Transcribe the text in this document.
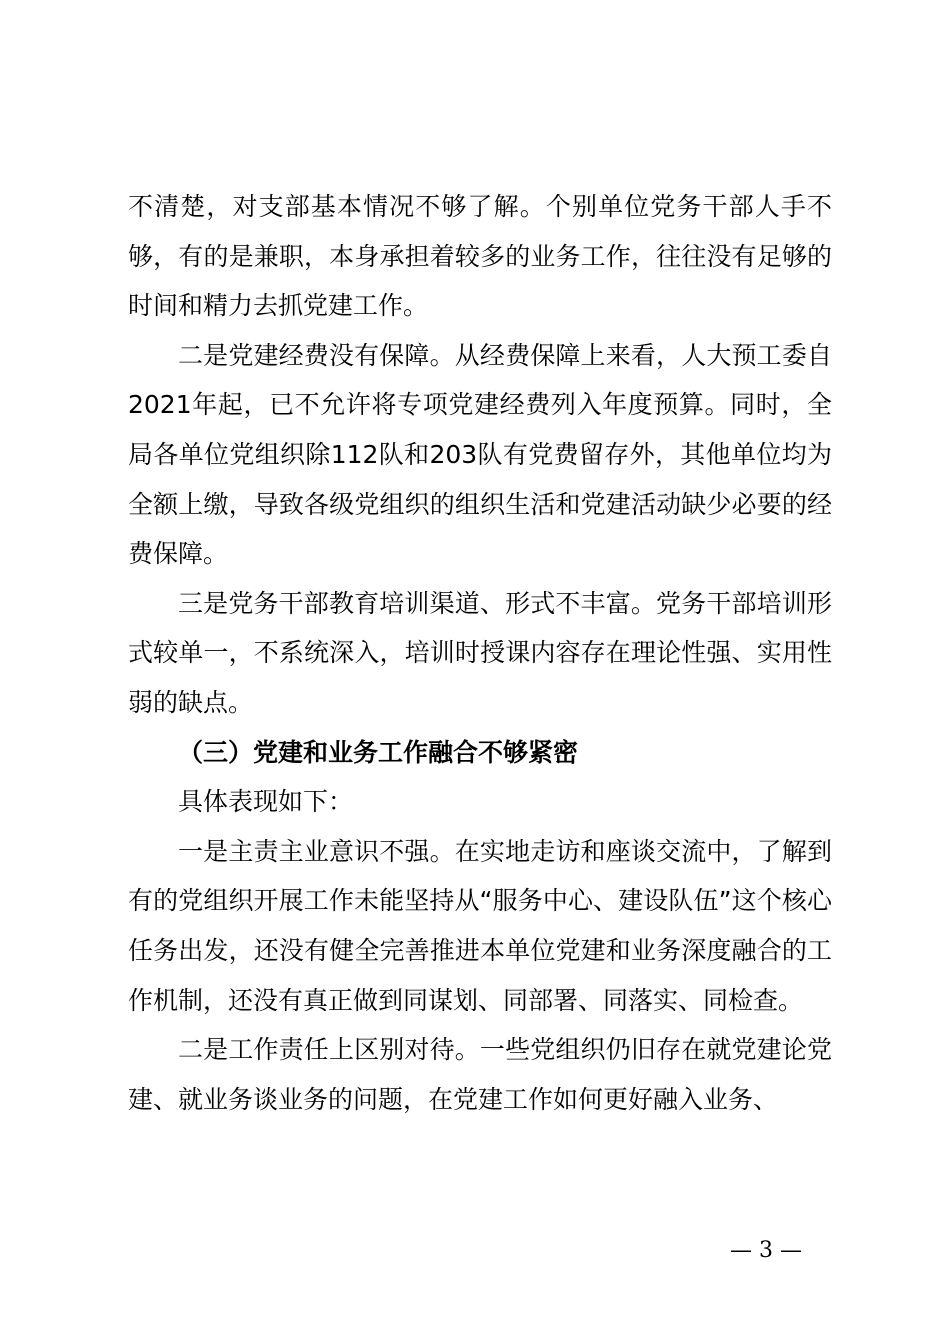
不清楚，对支部基本情况不够了解。个别单位党务干部人手不够，有的是兼职，本身承担着较多的业务工作，往往没有足够的时间和精力去抓党建工作。

二是党建经费没有保障。从经费保障上来看，人大预工委自2021年起，已不允许将专项党建经费列入年度预算。同时，全局各单位党组织除112队和203队有党费留存外，其他单位均为全额上缴，导致各级党组织的组织生活和党建活动缺少必要的经费保障。

三是党务干部教育培训渠道、形式不丰富。党务干部培训形式较单一，不系统深入，培训时授课内容存在理论性强、实用性弱的缺点。

（三）党建和业务工作融合不够紧密

具体表现如下：

一是主责主业意识不强。在实地走访和座谈交流中，了解到有的党组织开展工作未能坚持从“服务中心、建设队伍”这个核心任务出发，还没有健全完善推进本单位党建和业务深度融合的工作机制，还没有真正做到同谋划、同部署、同落实、同检查。

二是工作责任上区别对待。一些党组织仍旧存在就党建论党建、就业务谈业务的问题，在党建工作如何更好融入业务、

— 3 —
